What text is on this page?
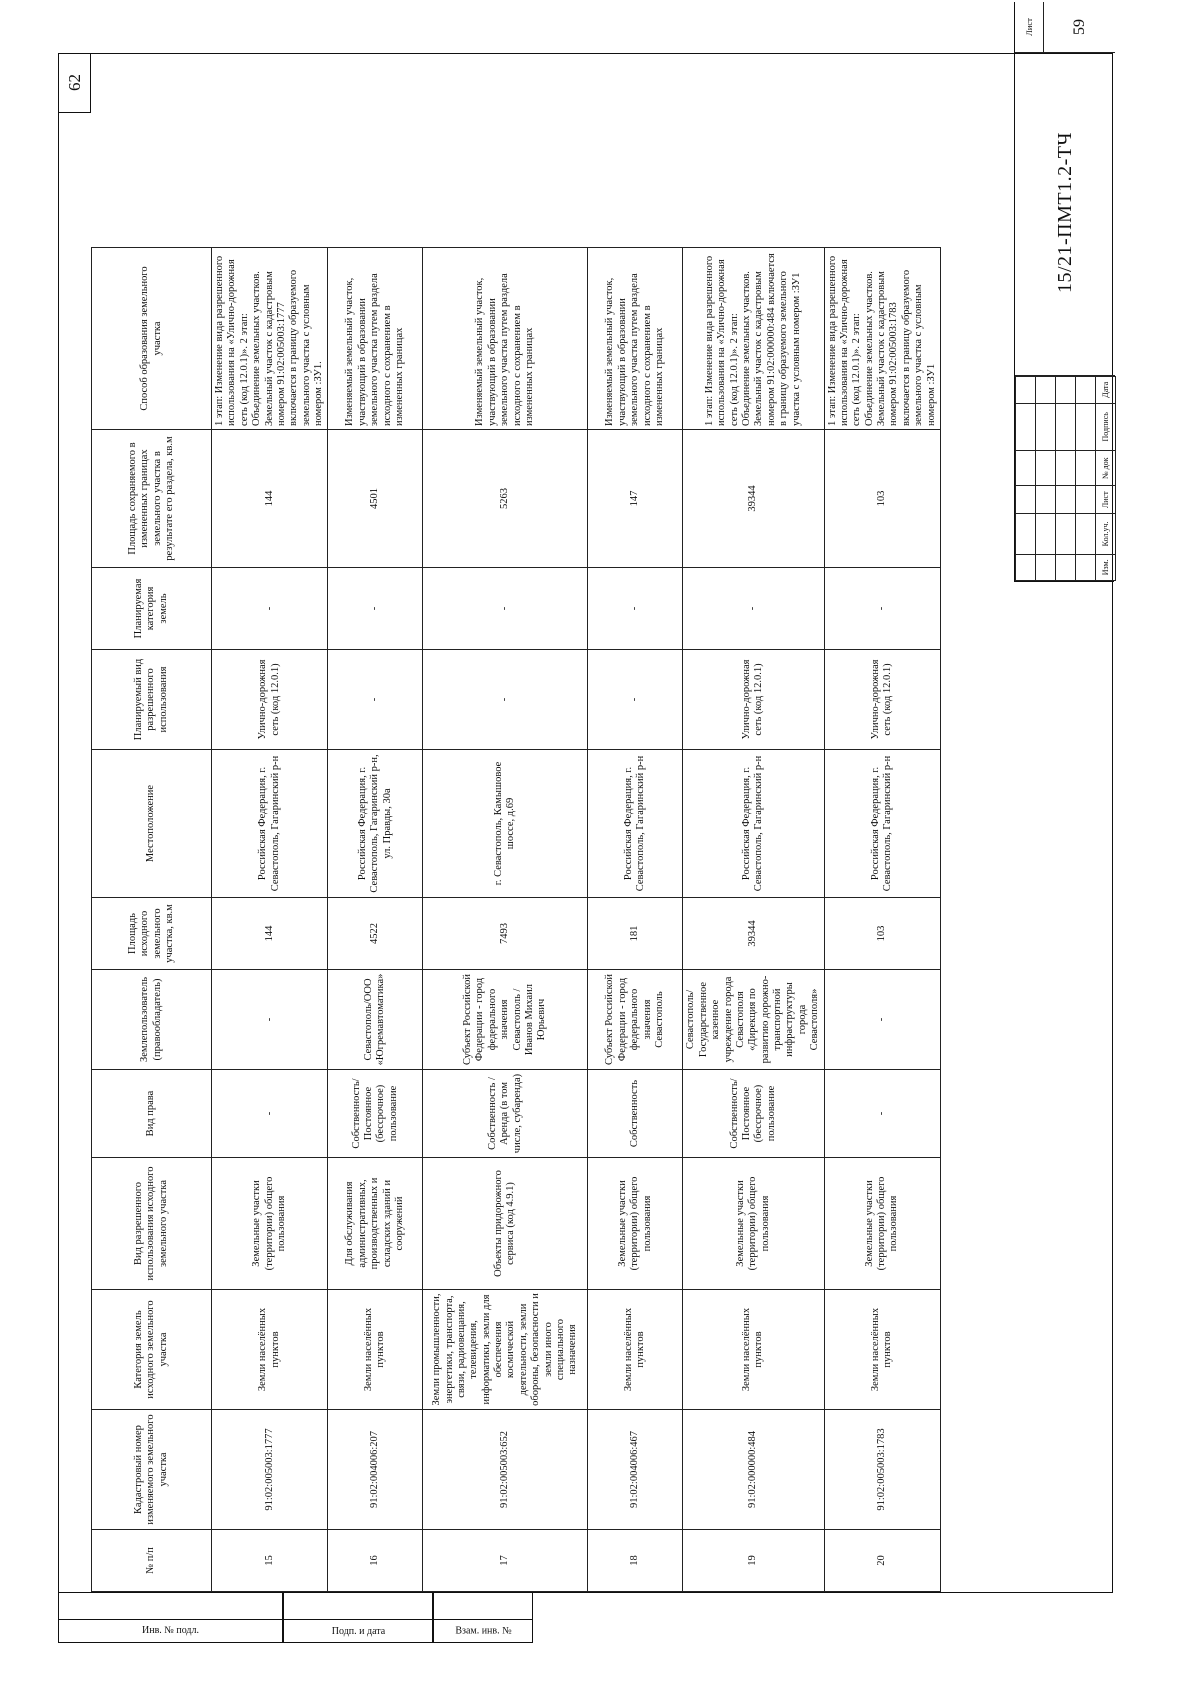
Инв. № подл.	Подп. и дата	Взам. инв. №
62
№ п/п	Кадастровый номер изменяемого земельного участка	Категория земель исходного земельного участка	Вид разрешенного использования исходного земельного участка	Вид права	Землепользователь (правообладатель)	Площадь исходного земельного участка, кв.м	Местоположение	Планируемый вид разрешенного использования	Планируемая категория земель	Площадь сохраняемого в измененных границах земельного участка в результате его раздела, кв.м	Способ образования земельного участка
15	91:02:005003:1777	Земли населённых пунктов	Земельные участки (территории) общего пользования	-	-	144	Российская Федерация, г. Севастополь, Гагаринский р-н	Улично-дорожная сеть (код 12.0.1)	-	144	1 этап: Изменение вида разрешенного использования на «Улично-дорожная сеть (код 12.0.1)». 2 этап: Объединение земельных участков. Земельный участок с кадастровым номером 91:02:005003:1777 включается в границу образуемого земельного участка с условным номером :ЗУ1.
16	91:02:004006:207	Земли населённых пунктов	Для обслуживания административных, производственных и складских зданий и сооружений	Собственность/ Постоянное (бессрочное) пользование	Севастополь/ООО «Югремавтоматика»	4522	Российская Федерация, г. Севастополь, Гагаринский р-н, ул. Правды, 30а	-	-	4501	Изменяемый земельный участок, участвующий в образовании земельного участка путем раздела исходного с сохранением в измененных границах
17	91:02:005003:652	Земли промышленности, энергетики, транспорта, связи, радиовещания, телевидения, информатики, земли для обеспечения космической деятельности, земли обороны, безопасности и земли иного специального назначения	Объекты придорожного сервиса (код 4.9.1)	Собственность / Аренда (в том числе, субаренда)	Субъект Российской Федерации - город федерального значения Севастополь / Иванов Михаил Юрьевич	7493	г. Севастополь, Камышовое шоссе, д.69	-	-	5263	Изменяемый земельный участок, участвующий в образовании земельного участка путем раздела исходного с сохранением в измененных границах
18	91:02:004006:467	Земли населённых пунктов	Земельные участки (территории) общего пользования	Собственность	Субъект Российской Федерации - город федерального значения Севастополь	181	Российская Федерация, г. Севастополь, Гагаринский р-н	-	-	147	Изменяемый земельный участок, участвующий в образовании земельного участка путем раздела исходного с сохранением в измененных границах
19	91:02:000000:484	Земли населённых пунктов	Земельные участки (территории) общего пользования	Собственность/ Постоянное (бессрочное) пользование	Севастополь/ Государственное казенное учреждение города Севастополя «Дирекция по развитию дорожно-транспортной инфраструктуры города Севастополя»	39344	Российская Федерация, г. Севастополь, Гагаринский р-н	Улично-дорожная сеть (код 12.0.1)	-	39344	1 этап: Изменение вида разрешенного использования на «Улично-дорожная сеть (код 12.0.1)». 2 этап: Объединение земельных участков. Земельный участок с кадастровым номером 91:02:000000:484 включается в границу образуемого земельного участка с условным номером :ЗУ1
20	91:02:005003:1783	Земли населённых пунктов	Земельные участки (территории) общего пользования	-	-	103	Российская Федерация, г. Севастополь, Гагаринский р-н	Улично-дорожная сеть (код 12.0.1)	-	103	1 этап: Изменение вида разрешенного использования на «Улично-дорожная сеть (код 12.0.1)». 2 этап: Объединение земельных участков. Земельный участок с кадастровым номером 91:02:005003:1783 включается в границу образуемого земельного участка с условным номером :ЗУ1

Изм.	Кол.уч.	Лист	№ док	Подпись	Дата
15/21-ПМТ1.2-ТЧ
Лист	59
